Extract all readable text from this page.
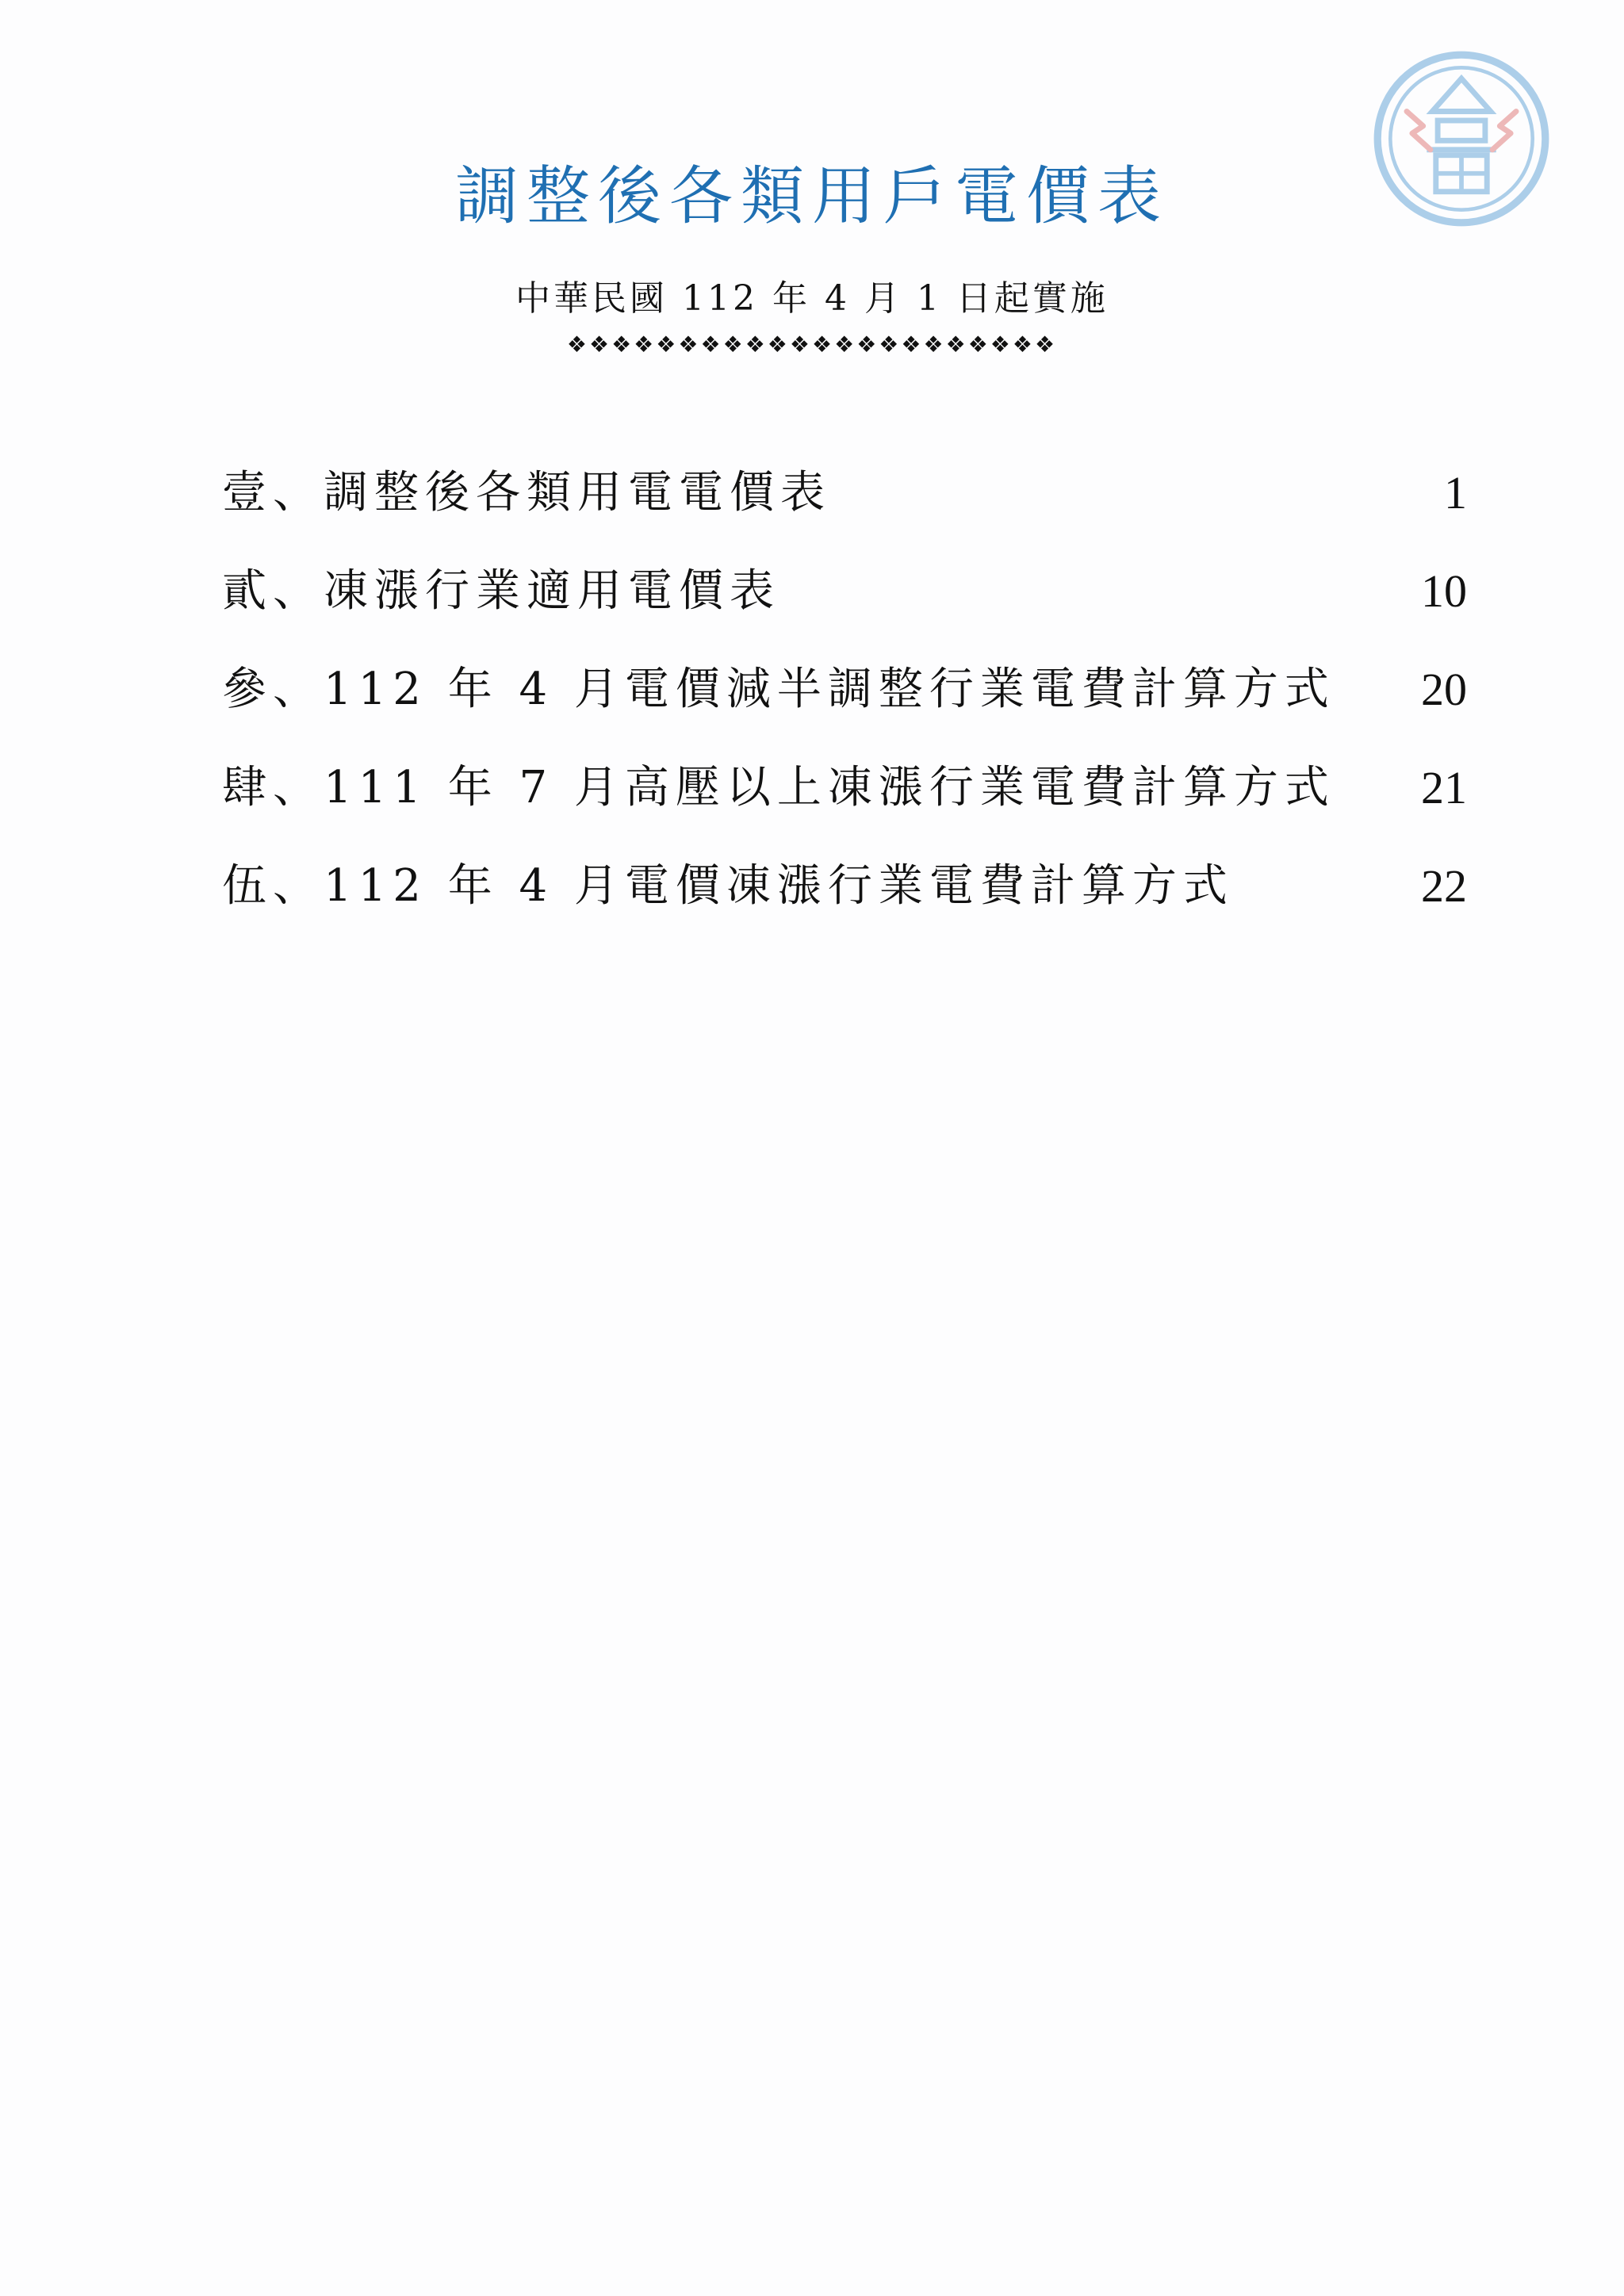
調整後各類用戶電價表
中華民國 112 年 4 月 1 日起實施
❖❖❖❖❖❖❖❖❖❖❖❖❖❖❖❖❖❖❖❖❖❖
壹、調整後各類用電電價表	1
貳、凍漲行業適用電價表	10
參、112 年 4 月電價減半調整行業電費計算方式	20
肆、111 年 7 月高壓以上凍漲行業電費計算方式	21
伍、112 年 4 月電價凍漲行業電費計算方式	22
